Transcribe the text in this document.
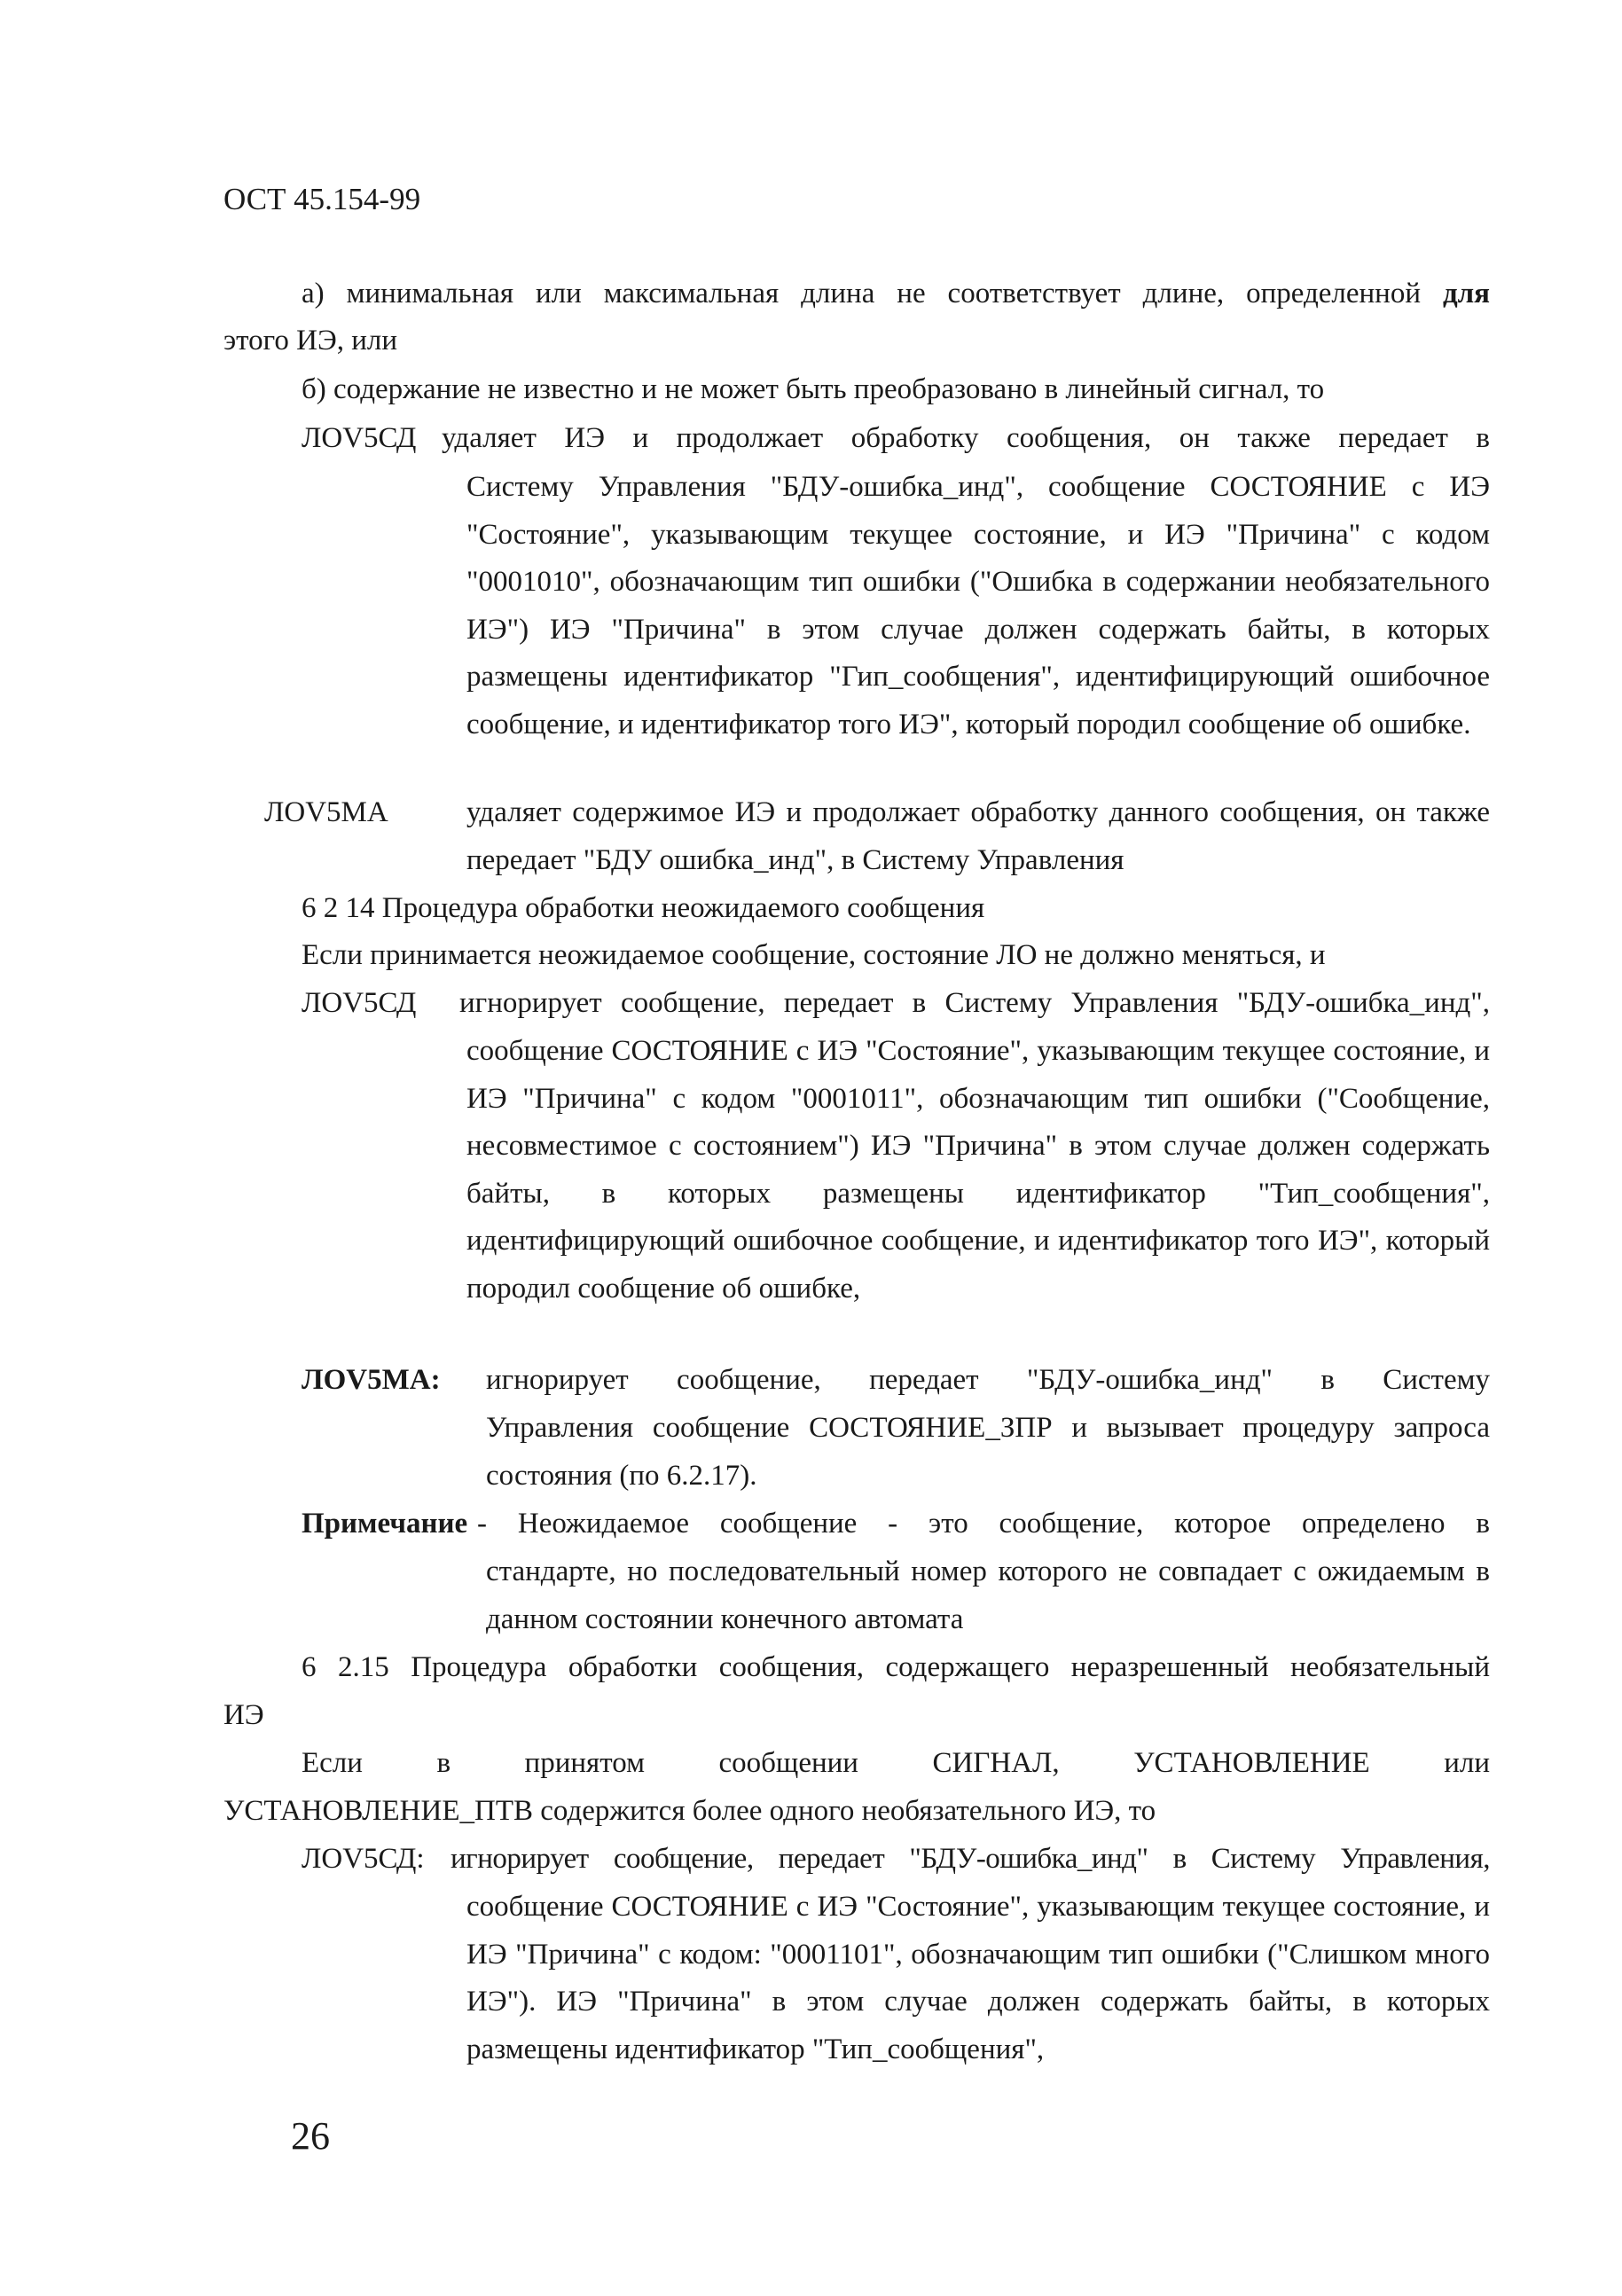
ОСТ 45.154-99
а) минимальная или максимальная длина не соответствует длине, определенной для
этого ИЭ, или
б) содержание не известно и не может быть преобразовано в линейный сигнал, то
ЛОV5СД удаляет ИЭ и продолжает обработку сообщения, он также передает в
Систему Управления "БДУ-ошибка_инд", сообщение СОСТОЯНИЕ с ИЭ "Состояние", указывающим текущее состояние, и ИЭ "Причина" с кодом "0001010", обозначающим тип ошибки ("Ошибка в содержании необязательного ИЭ") ИЭ "Причина" в этом случае должен содержать байты, в которых размещены идентификатор "Гип_сообщения", идентифицирующий ошибочное сообщение, и идентификатор того ИЭ", который породил сообщение об ошибке.
ЛОV5МА	удаляет содержимое ИЭ и продолжает обработку данного сообщения, он также передает "БДУ ошибка_инд", в Систему Управления
6 2 14 Процедура обработки неожидаемого сообщения
Если принимается неожидаемое сообщение, состояние ЛО не должно меняться, и
ЛОV5СД игнорирует сообщение, передает в Систему Управления "БДУ-ошибка_инд",
сообщение СОСТОЯНИЕ с ИЭ "Состояние", указывающим текущее состояние, и ИЭ "Причина" с кодом "0001011", обозначающим тип ошибки ("Сообщение, несовместимое с состоянием") ИЭ "Причина" в этом случае должен содержать байты, в которых размещены идентификатор "Тип_сообщения", идентифицирующий ошибочное сообщение, и идентификатор того ИЭ", который породил сообщение об ошибке,
ЛОV5МА: игнорирует сообщение, передает "БДУ-ошибка_инд" в Систему
Управления сообщение СОСТОЯНИЕ_ЗПР и вызывает процедуру запроса состояния (по 6.2.17).
Примечание - Неожидаемое сообщение - это сообщение, которое определено в
стандарте, но последовательный номер которого не совпадает с ожидаемым в данном состоянии конечного автомата
6 2.15 Процедура обработки сообщения, содержащего неразрешенный необязательный
ИЭ
Если в принятом сообщении СИГНАЛ, УСТАНОВЛЕНИЕ или
УСТАНОВЛЕНИЕ_ПТВ содержится более одного необязательного ИЭ, то
ЛОV5СД: игнорирует сообщение, передает "БДУ-ошибка_инд" в Систему Управления,
сообщение СОСТОЯНИЕ с ИЭ "Состояние", указывающим текущее состояние, и ИЭ "Причина" с кодом: "0001101", обозначающим тип ошибки ("Слишком много ИЭ"). ИЭ "Причина" в этом случае должен содержать байты, в которых размещены идентификатор "Тип_сообщения",
26
